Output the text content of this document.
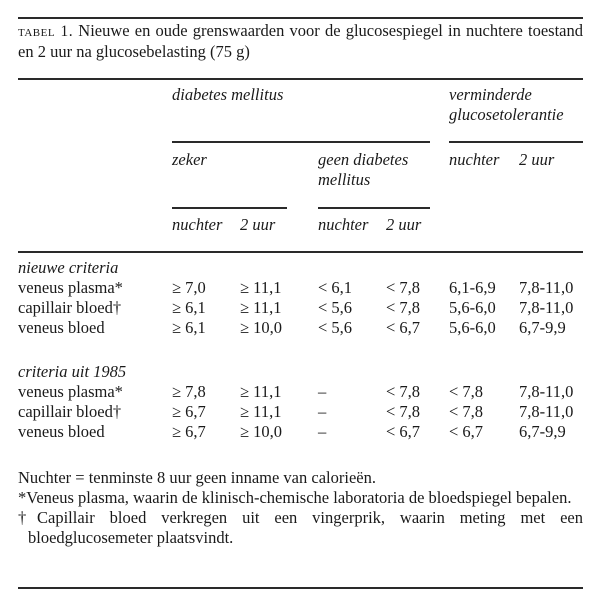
tabel 1. Nieuwe en oude grenswaarden voor de glucosespiegel in nuchtere toestand en 2 uur na glucosebelasting (75 g)
diabetes mellitus	verminderde
glucosetolerantie
zeker	geen diabetes
mellitus
nuchter 2 uur
nuchter 2 uur	nuchter 2 uur
nieuwe criteria
veneus plasma*	≥ 7,0 ≥ 11,1 < 6,1 < 7,8 6,1-6,9 7,8-11,0
capillair bloed†	≥ 6,1 ≥ 11,1 < 5,6 < 7,8 5,6-6,0 7,8-11,0
veneus bloed	≥ 6,1 ≥ 10,0 < 5,6 < 6,7 5,6-6,0 6,7-9,9
criteria uit 1985
veneus plasma*	≥ 7,8 ≥ 11,1 –	< 7,8 < 7,8 7,8-11,0
capillair bloed†	≥ 6,7 ≥ 11,1 –	< 7,8 < 7,8 7,8-11,0
veneus bloed	≥ 6,7 ≥ 10,0 –	< 6,7 < 6,7 6,7-9,9
Nuchter = tenminste 8 uur geen inname van calorieën.
*Veneus plasma, waarin de klinisch-chemische laboratoria de bloedspiegel bepalen.
†Capillair bloed verkregen uit een vingerprik, waarin meting met een bloedglucosemeter plaatsvindt.
